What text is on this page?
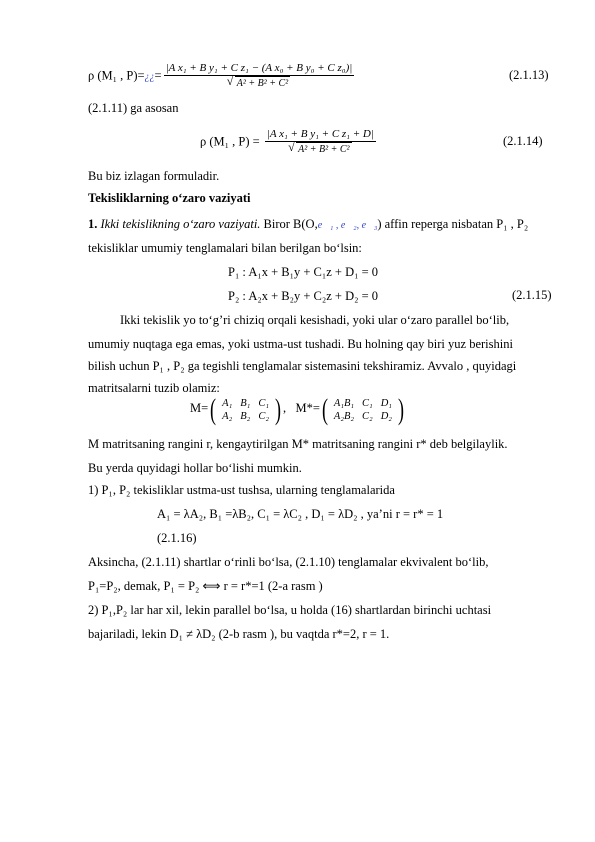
ρ (M₁ , P)=¿¿= |A x₁ + B y₁ + C z₁ − (A x₀ + B y₀ + C z₀)|
√ A² + B² + C²	(2.1.13)
(2.1.11) ga asosan
ρ (M₁ , P) = |A x₁ + B y₁ + C z₁ + D|
√ A² + B² + C²	(2.1.14)
Bu biz izlagan formuladir.
Tekisliklarning o‘zaro vaziyati
1. Ikki tekislikning o‘zaro vaziyati. Biror B(O,e⃗₁ , e⃗₂, e⃗₃) affin reperga nisbatan P₁ , P₂
tekisliklar umumiy tenglamalari bilan berilgan bo‘lsin:
P₁ : A₁x + B₁y + C₁z + D₁ = 0
P₂ : A₂x + B₂y + C₂z + D₂ = 0	(2.1.15)
Ikki tekislik yo to‘g’ri chiziq orqali kesishadi, yoki ular o‘zaro parallel bo‘lib,
umumiy nuqtaga ega emas, yoki ustma-ust tushadi. Bu holning qay biri yuz berishini
bilish uchun P₁ , P₂ ga tegishli tenglamalar sistemasini tekshiramiz. Avvalo , quyidagi
matritsalarni tuzib olamiz:
M=( A₁	B₁	C₁
A₂	B₂	C₂ ) , M*=( A₁B₁	C₁	D₁
A₂B₂	C₂	D₂ )
M matritsaning rangini r, kengaytirilgan M* matritsaning rangini r* deb belgilaylik.
Bu yerda quyidagi hollar bo‘lishi mumkin.
1) P₁, P₂ tekisliklar ustma-ust tushsa, ularning tenglamalarida
A₁ = λA₂, B₁ =λB₂, C₁ = λC₂ , D₁ = λD₂ , ya’ni r = r* = 1
(2.1.16)
Aksincha, (2.1.11) shartlar o‘rinli bo‘lsa, (2.1.10) tenglamalar ekvivalent bo‘lib,
P₁=P₂, demak, P₁ = P₂ ⟺ r = r*=1 (2-a rasm )
2) P₁,P₂ lar har xil, lekin parallel bo‘lsa, u holda (16) shartlardan birinchi uchtasi
bajariladi, lekin D₁ ≠ λD₂ (2-b rasm ), bu vaqtda r*=2, r = 1.
